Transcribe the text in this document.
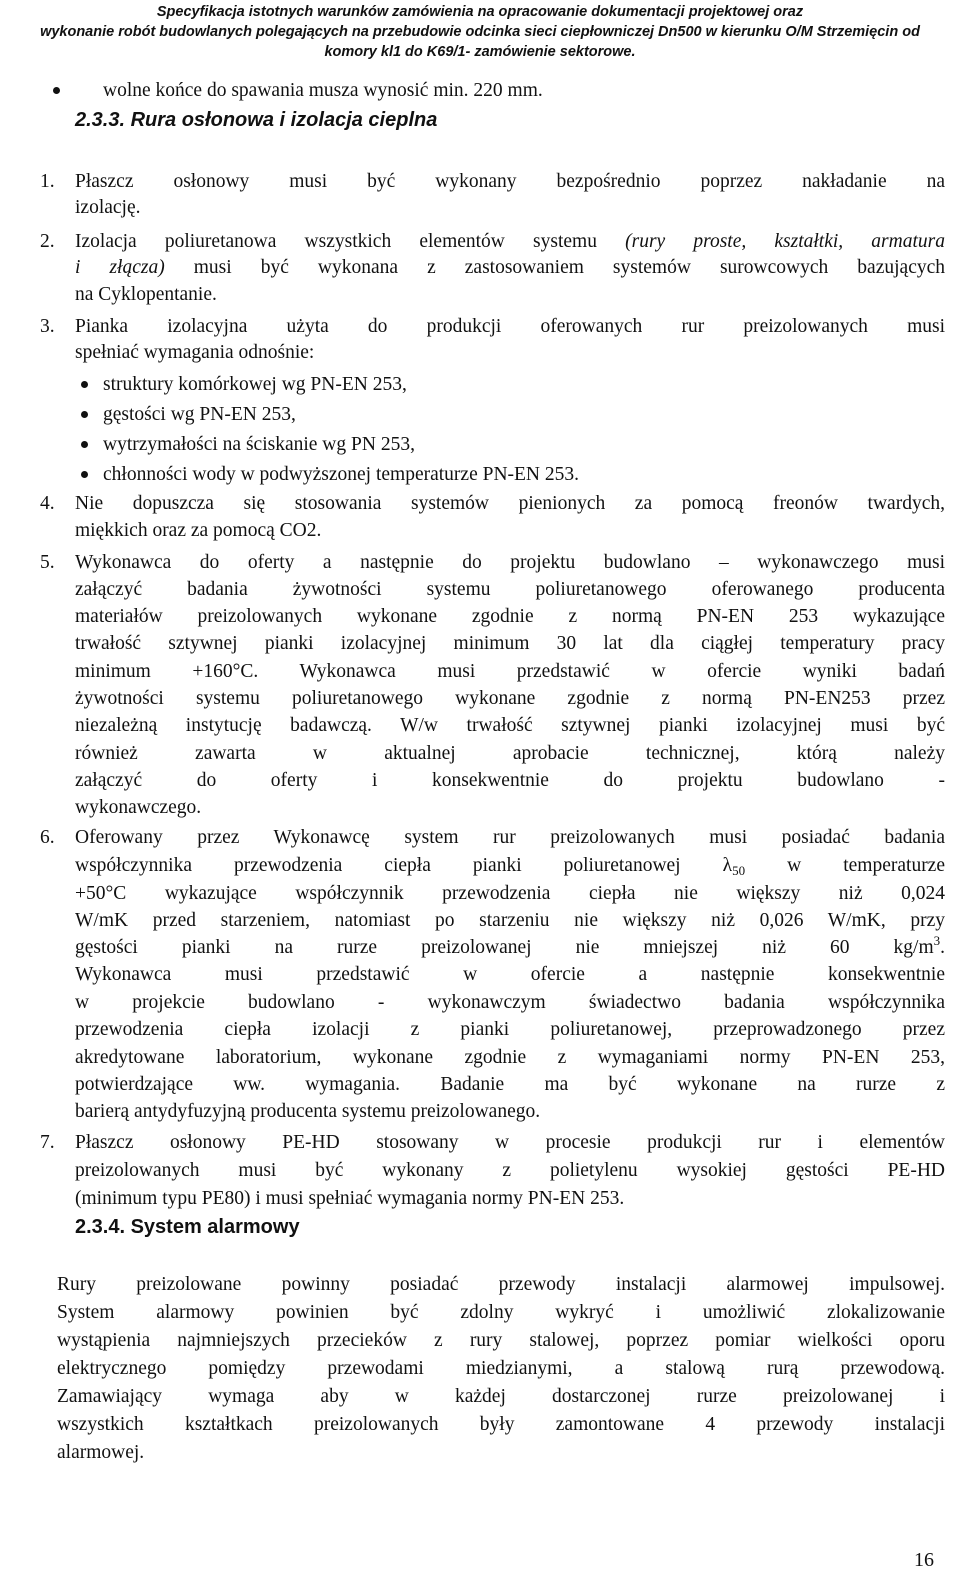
Specyfikacja istotnych warunków zamówienia na opracowanie dokumentacji projektowej oraz
wykonanie robót budowlanych polegających na przebudowie odcinka sieci ciepłowniczej Dn500 w kierunku O/M Strzemięcin od
komory kl1 do K69/1- zamówienie sektorowe.
wolne końce do spawania musza wynosić min. 220 mm.
2.3.3. Rura osłonowa i izolacja cieplna
1. Płaszcz osłonowy musi być wykonany bezpośrednio poprzez nakładanie na
izolację.
2. Izolacja poliuretanowa wszystkich elementów systemu (rury proste, kształtki, armatura
i złącza) musi być wykonana z zastosowaniem systemów surowcowych bazujących
na Cyklopentanie.
3. Pianka izolacyjna użyta do produkcji oferowanych rur preizolowanych musi
spełniać wymagania odnośnie:
struktury komórkowej wg PN-EN 253,
gęstości wg PN-EN 253,
wytrzymałości na ściskanie wg PN 253,
chłonności wody w podwyższonej temperaturze PN-EN 253.
4. Nie dopuszcza się stosowania systemów pienionych za pomocą freonów twardych,
miękkich oraz za pomocą CO2.
5. Wykonawca do oferty a następnie do projektu budowlano – wykonawczego musi
załączyć badania żywotności systemu poliuretanowego oferowanego producenta
materiałów preizolowanych wykonane zgodnie z normą PN-EN 253 wykazujące
trwałość sztywnej pianki izolacyjnej minimum 30 lat dla ciągłej temperatury pracy
minimum +160°C. Wykonawca musi przedstawić w ofercie wyniki badań
żywotności systemu poliuretanowego wykonane zgodnie z normą PN-EN253 przez
niezależną instytucję badawczą. W/w trwałość sztywnej pianki izolacyjnej musi być
również zawarta w aktualnej aprobacie technicznej, którą należy
załączyć do oferty i konsekwentnie do projektu budowlano -
wykonawczego.
6. Oferowany przez Wykonawcę system rur preizolowanych musi posiadać badania
współczynnika przewodzenia ciepła pianki poliuretanowej $\lambda_{50}$ w temperaturze
+50°C wykazujące współczynnik przewodzenia ciepła nie większy niż 0,024
W/mK przed starzeniem, natomiast po starzeniu nie większy niż 0,026 W/mK, przy
gęstości pianki na rurze preizolowanej nie mniejszej niż 60 $kg/m^3$.
Wykonawca musi przedstawić w ofercie a następnie konsekwentnie
w projekcie budowlano - wykonawczym świadectwo badania współczynnika
przewodzenia ciepła izolacji z pianki poliuretanowej, przeprowadzonego przez
akredytowane laboratorium, wykonane zgodnie z wymaganiami normy PN-EN 253,
potwierdzające ww. wymagania. Badanie ma być wykonane na rurze z
barierą antydyfuzyjną producenta systemu preizolowanego.
7. Płaszcz osłonowy PE-HD stosowany w procesie produkcji rur i elementów
preizolowanych musi być wykonany z polietylenu wysokiej gęstości PE-HD
(minimum typu PE80) i musi spełniać wymagania normy PN-EN 253.
2.3.4. System alarmowy
Rury preizolowane powinny posiadać przewody instalacji alarmowej impulsowej.
System alarmowy powinien być zdolny wykryć i umożliwić zlokalizowanie
wystąpienia najmniejszych przecieków z rury stalowej, poprzez pomiar wielkości oporu
elektrycznego pomiędzy przewodami miedzianymi, a stalową rurą przewodową.
Zamawiający wymaga aby w każdej dostarczonej rurze preizolowanej i
wszystkich kształtkach preizolowanych były zamontowane 4 przewody instalacji
alarmowej.
16
